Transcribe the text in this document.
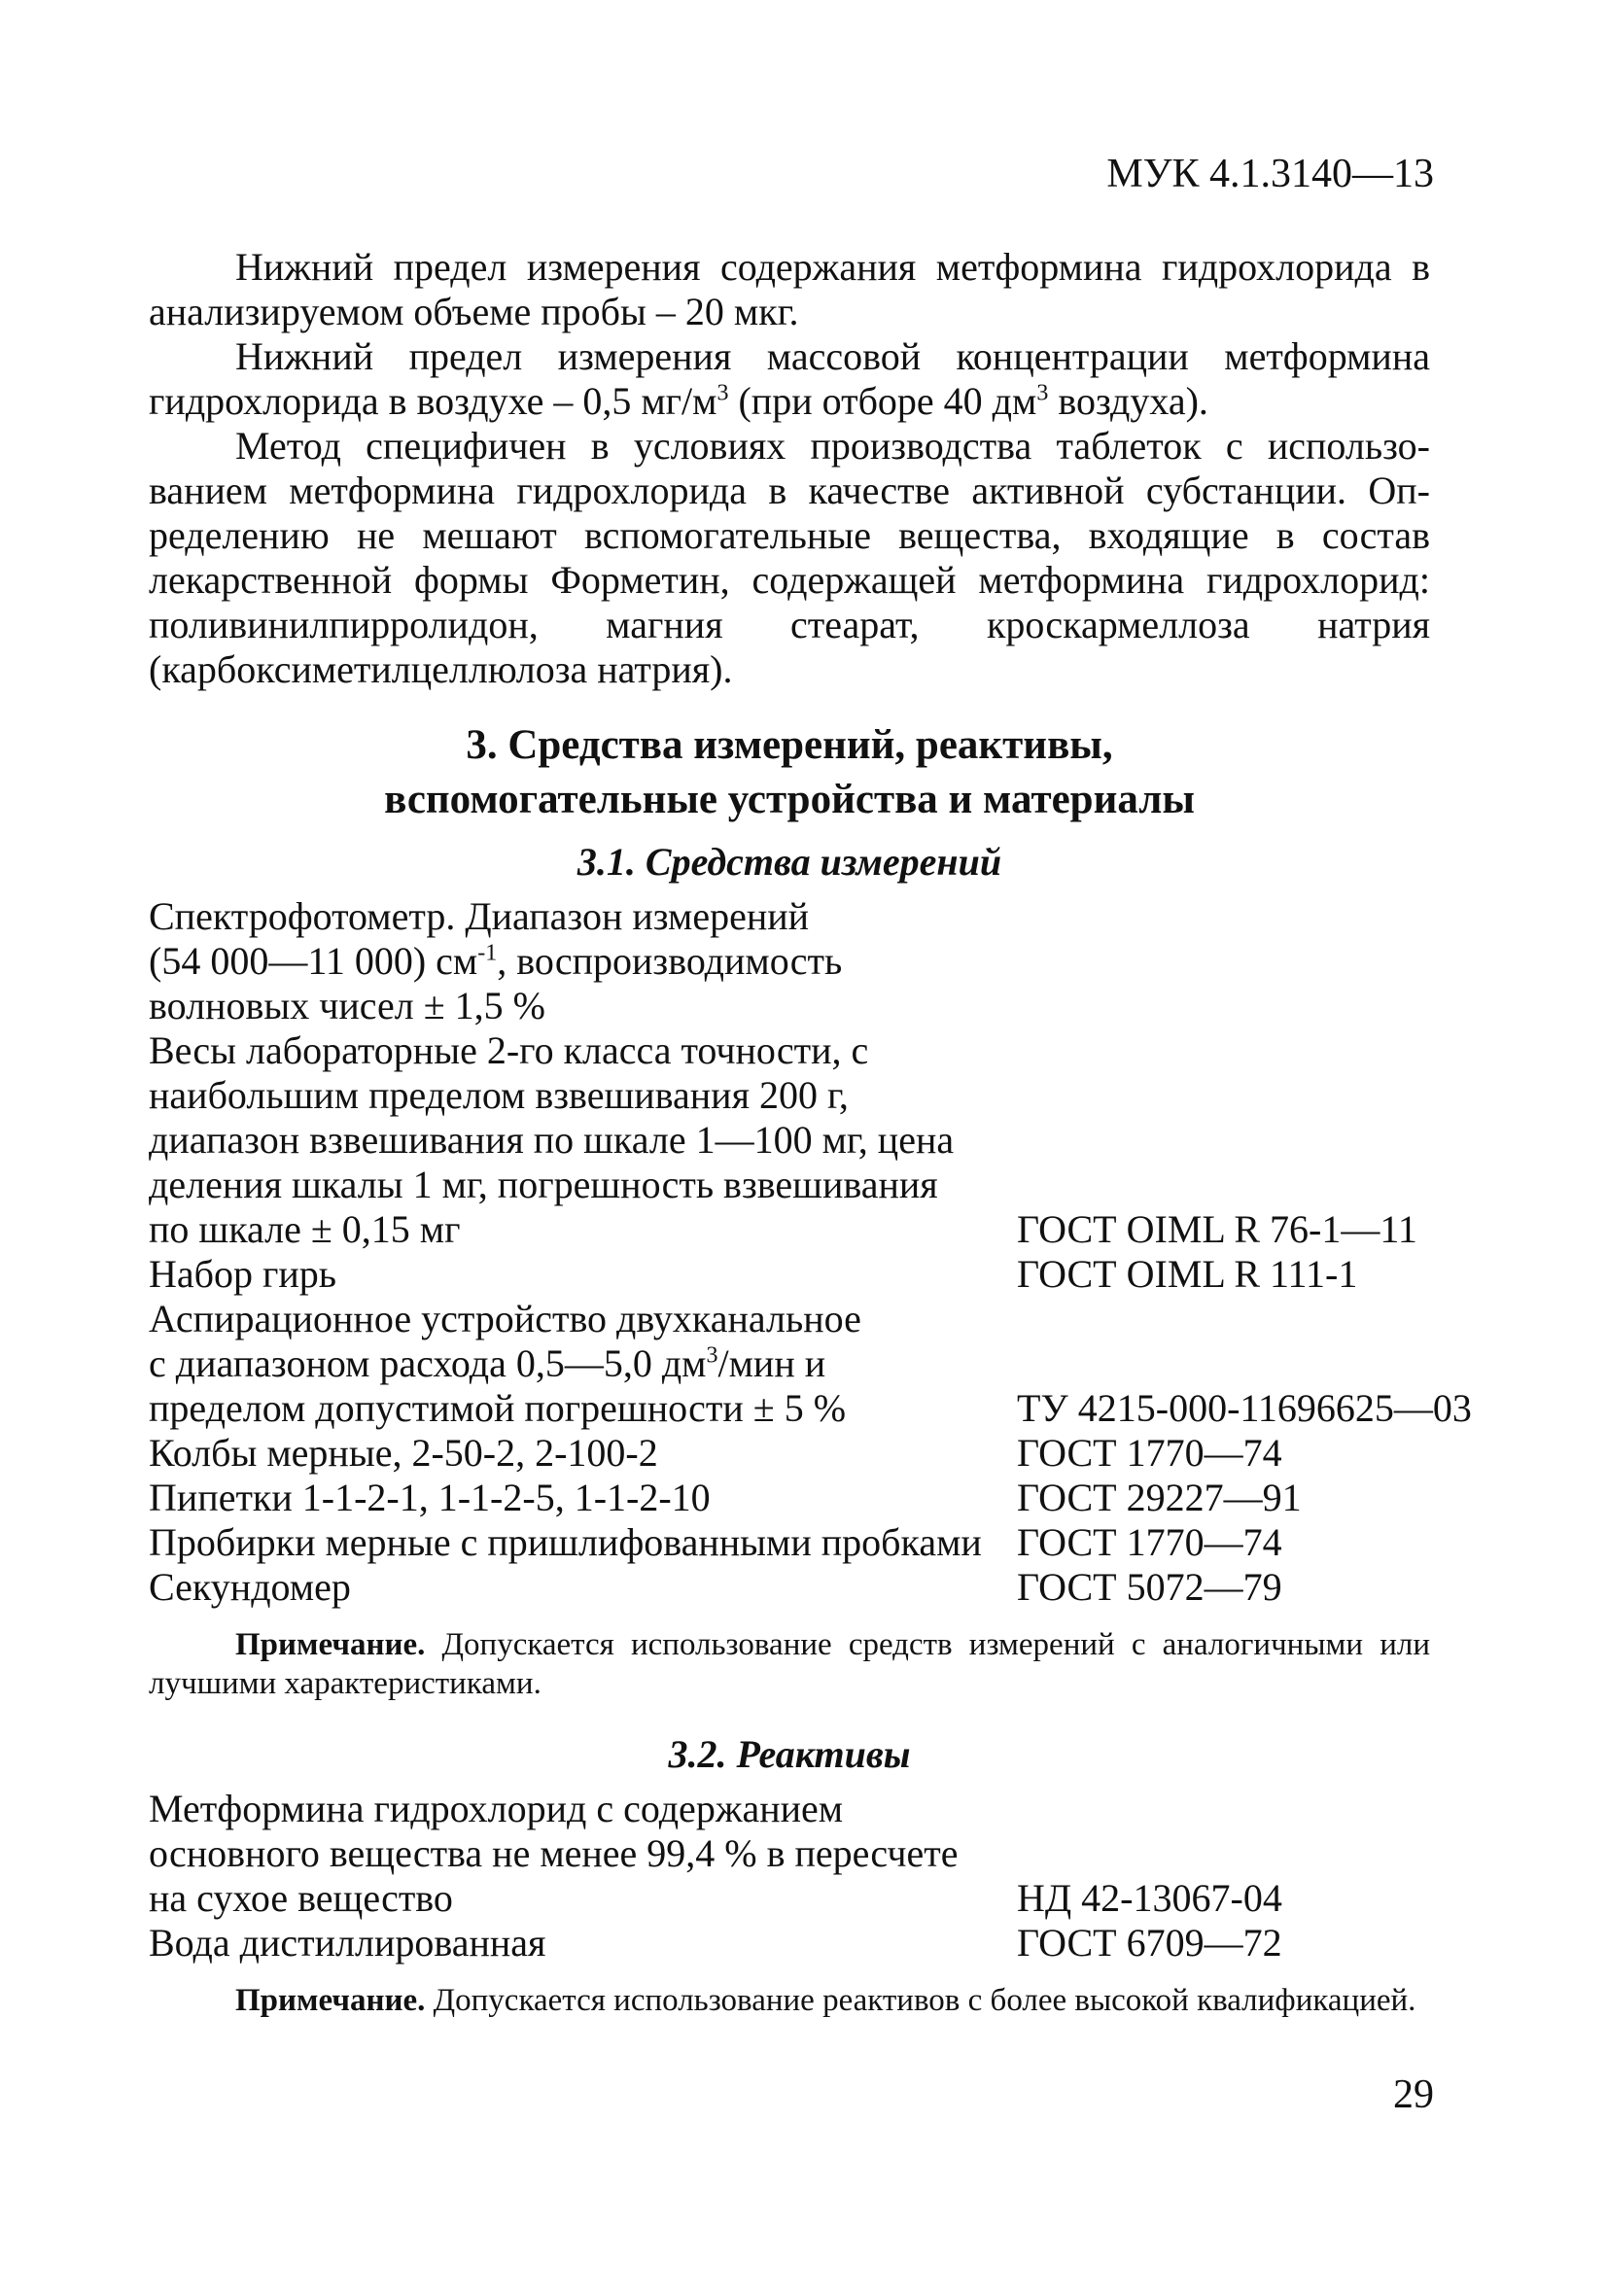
МУК 4.1.3140—13

Нижний предел измерения содержания метформина гидрохлорида в анализируемом объеме пробы – 20 мкг.

Нижний предел измерения массовой концентрации метформина гидрохлорида в воздухе – 0,5 $мг/м^3$ (при отборе 40 $дм^3$ воздуха).

Метод специфичен в условиях производства таблеток с использованием метформина гидрохлорида в качестве активной субстанции. Определению не мешают вспомогательные вещества, входящие в состав лекарственной формы Форметин, содержащей метформина гидрохлорид: поливинилпирролидон, магния стеарат, кроскармеллоза натрия (карбоксиметилцеллюлоза натрия).

3. Средства измерений, реактивы,
вспомогательные устройства и материалы
3.1. Средства измерений
Спектрофотометр. Диапазон измерений
(54 000—11 000) $см^{-1}$, воспроизводимость
волновых чисел ± 1,5 %
Весы лабораторные 2-го класса точности, с
наибольшим пределом взвешивания 200 г,
диапазон взвешивания по шкале 1—100 мг, цена
деления шкалы 1 мг, погрешность взвешивания
по шкале ± 0,15 мг	ГОСТ OIML R 76-1—11
Набор гирь	ГОСТ OIML R 111-1
Аспирационное устройство двухканальное
с диапазоном расхода 0,5—5,0 $дм^3$/мин и
пределом допустимой погрешности ± 5 %	ТУ 4215-000-11696625—03
Колбы мерные, 2-50-2, 2-100-2	ГОСТ 1770—74
Пипетки 1-1-2-1, 1-1-2-5, 1-1-2-10	ГОСТ 29227—91
Пробирки мерные с пришлифованными пробками ГОСТ 1770—74
Секундомер	ГОСТ 5072—79
Примечание. Допускается использование средств измерений с аналогичными или лучшими характеристиками.
3.2. Реактивы
Метформина гидрохлорид с содержанием
основного вещества не менее 99,4 % в пересчете
на сухое вещество	НД 42-13067-04
Вода дистиллированная	ГОСТ 6709—72
Примечание. Допускается использование реактивов с более высокой квалификацией.
29
